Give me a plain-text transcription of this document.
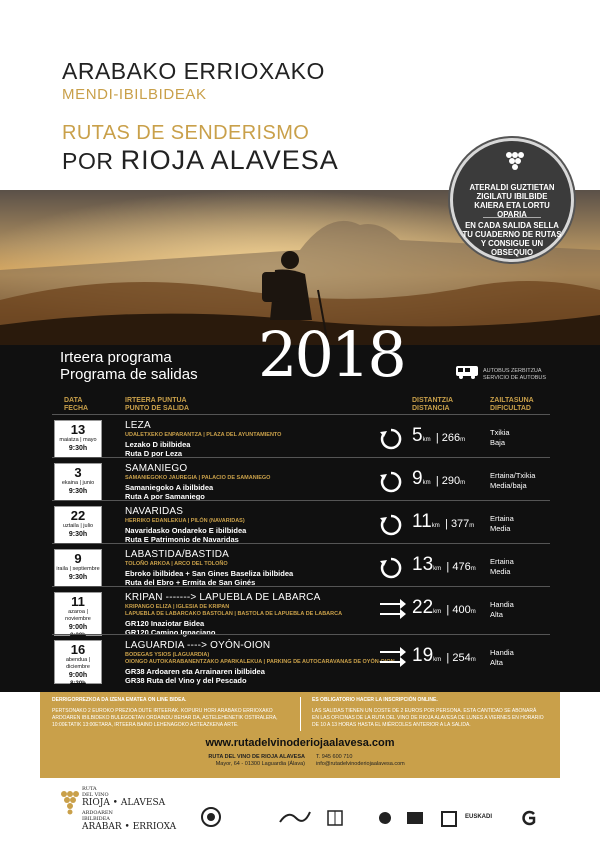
ARABAKO ERRIOXAKO
MENDI-IBILBIDEAK
RUTAS DE SENDERISMO
POR RIOJA ALAVESA
ATERALDI GUZTIETAN ZIGILATU IBILBIDE KAIERA ETA LORTU OPARIA
EN CADA SALIDA SELLA TU CUADERNO DE RUTAS Y CONSIGUE UN OBSEQUIO
2018
Irteera programa
Programa de salidas	AUTOBUS ZERBITZUA
SERVICIO DE AUTOBUS
DATA
FECHA
IRTEERA PUNTUA
PUNTO DE SALIDA
DISTANTZIA
DISTANCIA
ZAILTASUNA
DIFICULTAD
13
maiatza | mayo
9:30h
LEZA
UDALETXEKO ENPARANTZA | PLAZA DEL AYUNTAMIENTO
Lezako D ibilbidea
Ruta D por Leza
5km | 266m
Txikia
Baja
3
ekaina | junio
9:30h
SAMANIEGO
SAMANIEGOKO JAUREGIA | PALACIO DE SAMANIEGO
Samaniegoko A ibilbidea
Ruta A por Samaniego
9km | 290m
Ertaina/Txikia
Media/baja
22
uztaila | julio
9:30h
NAVARIDAS
HERRIKO EDANLEKUA | PILÓN (NAVARIDAS)
Navaridasko Ondareko E ibilbidea
Ruta E Patrimonio de Navaridas
11km | 377m
Ertaina
Media
9
iraila | septiembre
9:30h
LABASTIDA/BASTIDA
TOLOÑO ARKOA | ARCO DEL TOLOÑO
Ebroko ibilbidea + San Gines Baseliza ibilbidea
Ruta del Ebro + Ermita de San Ginés
13km | 476m
Ertaina
Media
11
azaroa | noviembre
9:00h
8:30h
KRIPAN -------> LAPUEBLA DE LABARCA
KRIPANGO ELIZA | IGLESIA DE KRIPAN
LAPUEBLA DE LABARCAKO BASTOLAN | BASTOLA DE LAPUEBLA DE LABARCA
GR120 Inaziotar Bidea
GR120 Camino Ignaciano
22km | 400m
Handia
Alta
16
abendua | diciembre
9:00h
8:30h
LAGUARDIA ----> OYÓN-OION
BODEGAS YSIOS (LAGUARDIA)
OIONGO AUTOKARABANENTZAKO APARKALEKUA | PARKING DE AUTOCARAVANAS DE OYÓN-OION
GR38 Ardoaren eta Arrainaren ibilbidea
GR38 Ruta del Vino y del Pescado
19km | 254m
Handia
Alta
DERRIGORREZKOA DA IZENA EMATEA ON LINE BIDEA.
PERTSONAKO 2 EUROKO PREZIOA DUTE IRTEERAK. KOPURU HORI ARABAKO ERRIOXAKO ARDOAREN IBILBIDEKO BULEGOETAN ORDAINDU BEHAR DA, ASTELEHENETIK OSTIRALERA, 10:00ETATIK 13:00ETARA, IRTEERA BAINO LEHENAGOKO ASTEAZKENA ARTE.
ES OBLIGATORIO HACER LA INSCRIPCIÓN ONLINE.
LAS SALIDAS TIENEN UN COSTE DE 2 EUROS POR PERSONA. ESTA CANTIDAD SE ABONARÁ EN LAS OFICINAS DE LA RUTA DEL VINO DE RIOJA ALAVESA DE LUNES A VIERNES EN HORARIO DE 10 A 13 HORAS HASTA EL MIÉRCOLES ANTERIOR A LA SALIDA.
www.rutadelvinoderiojaalavesa.com
RUTA DEL VINO DE RIOJA ALAVESA
Mayor, 64 - 01300 Laguardia (Álava)
T. 945 600 710
info@rutadelvinoderiojaalavesa.com
RUTA
DEL VINO
RIOJA • ALAVESA
ARDOAREN
IBILBIDEA
ARABAR • ERRIOXA
EUSKADI
